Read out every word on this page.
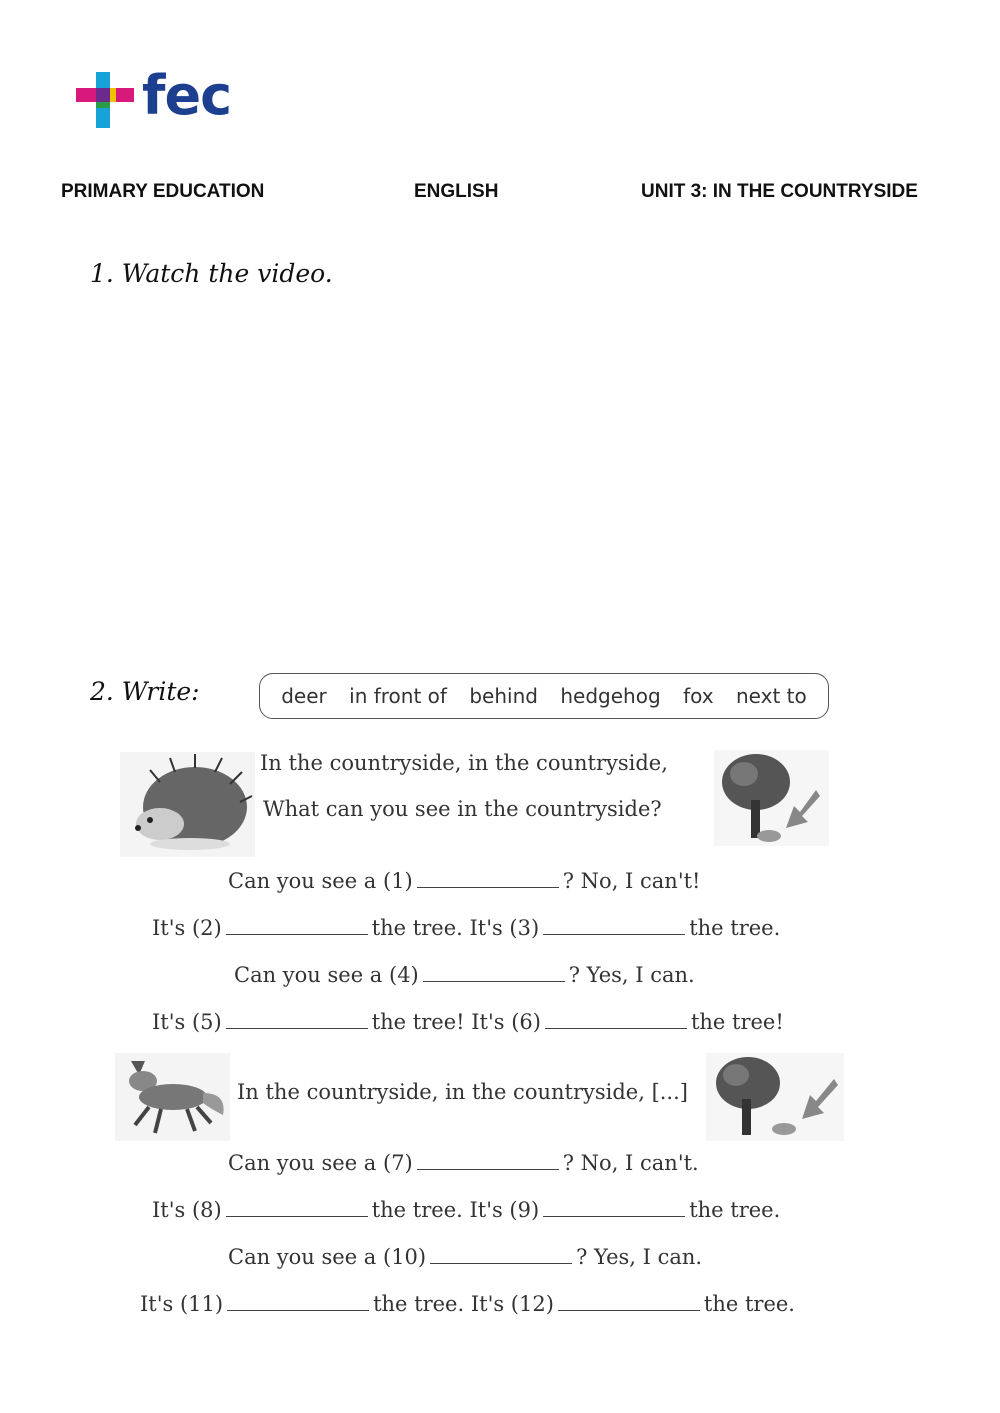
fec
PRIMARY EDUCATION	ENGLISH	UNIT 3: IN THE COUNTRYSIDE
1. Watch the video.
2. Write:	deer in front of behind hedgehog fox next to
In the countryside, in the countryside,
What can you see in the countryside?
Can you see a (1)	? No, I can't!
It's (2)	the tree. It's (3)	the tree.
Can you see a (4)	? Yes, I can.
It's (5)	the tree! It's (6)	the tree!
In the countryside, in the countryside, [...]
Can you see a (7)	? No, I can't.
It's (8)	the tree. It's (9)	the tree.
Can you see a (10)	? Yes, I can.
It's (11)	the tree. It's (12)	the tree.
